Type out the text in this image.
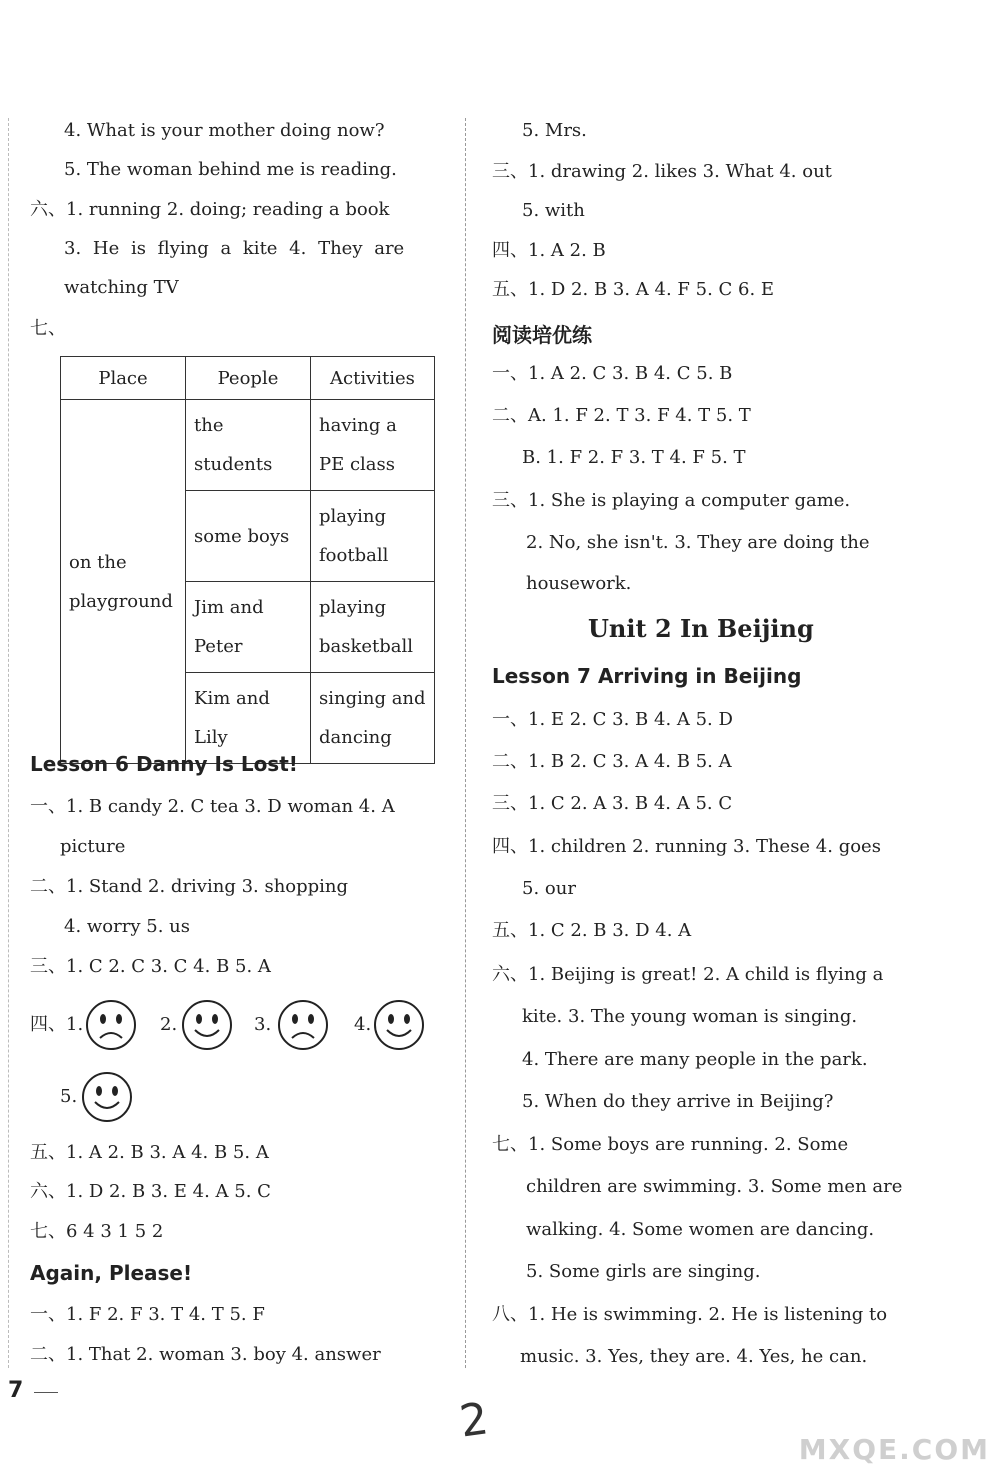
4. What is your mother doing now?
5. The woman behind me is reading.
六、1. running 2. doing; reading a book
3. He is flying a kite 4. They are
watching TV
七、
Place	People	Activities

on the playground	the students	having a PE class

	some boys	playing football

	Jim and Peter	playing basketball

	Kim and Lily	singing and dancing
Lesson 6 Danny Is Lost!
一、1. B candy 2. C tea 3. D woman 4. A
picture
二、1. Stand 2. driving 3. shopping
4. worry 5. us
三、1. C 2. C 3. C 4. B 5. A
四、1.	2.	3.	4.
5.
五、1. A 2. B 3. A 4. B 5. A
六、1. D 2. B 3. E 4. A 5. C
七、6 4 3 1 5 2
Again, Please!
一、1. F 2. F 3. T 4. T 5. F
二、1. That 2. woman 3. boy 4. answer
5. Mrs.
三、1. drawing 2. likes 3. What 4. out
5. with
四、1. A 2. B
五、1. D 2. B 3. A 4. F 5. C 6. E
阅读培优练
一、1. A 2. C 3. B 4. C 5. B
二、A. 1. F 2. T 3. F 4. T 5. T
B. 1. F 2. F 3. T 4. F 5. T
三、1. She is playing a computer game.
2. No, she isn't. 3. They are doing the
housework.
Unit 2 In Beijing
Lesson 7 Arriving in Beijing
一、1. E 2. C 3. B 4. A 5. D
二、1. B 2. C 3. A 4. B 5. A
三、1. C 2. A 3. B 4. A 5. C
四、1. children 2. running 3. These 4. goes
5. our
五、1. C 2. B 3. D 4. A
六、1. Beijing is great! 2. A child is flying a
kite. 3. The young woman is singing.
4. There are many people in the park.
5. When do they arrive in Beijing?
七、1. Some boys are running. 2. Some
children are swimming. 3. Some men are
walking. 4. Some women are dancing.
5. Some girls are singing.
八、1. He is swimming. 2. He is listening to
music. 3. Yes, they are. 4. Yes, he can.
7
2
MXQE.COM
